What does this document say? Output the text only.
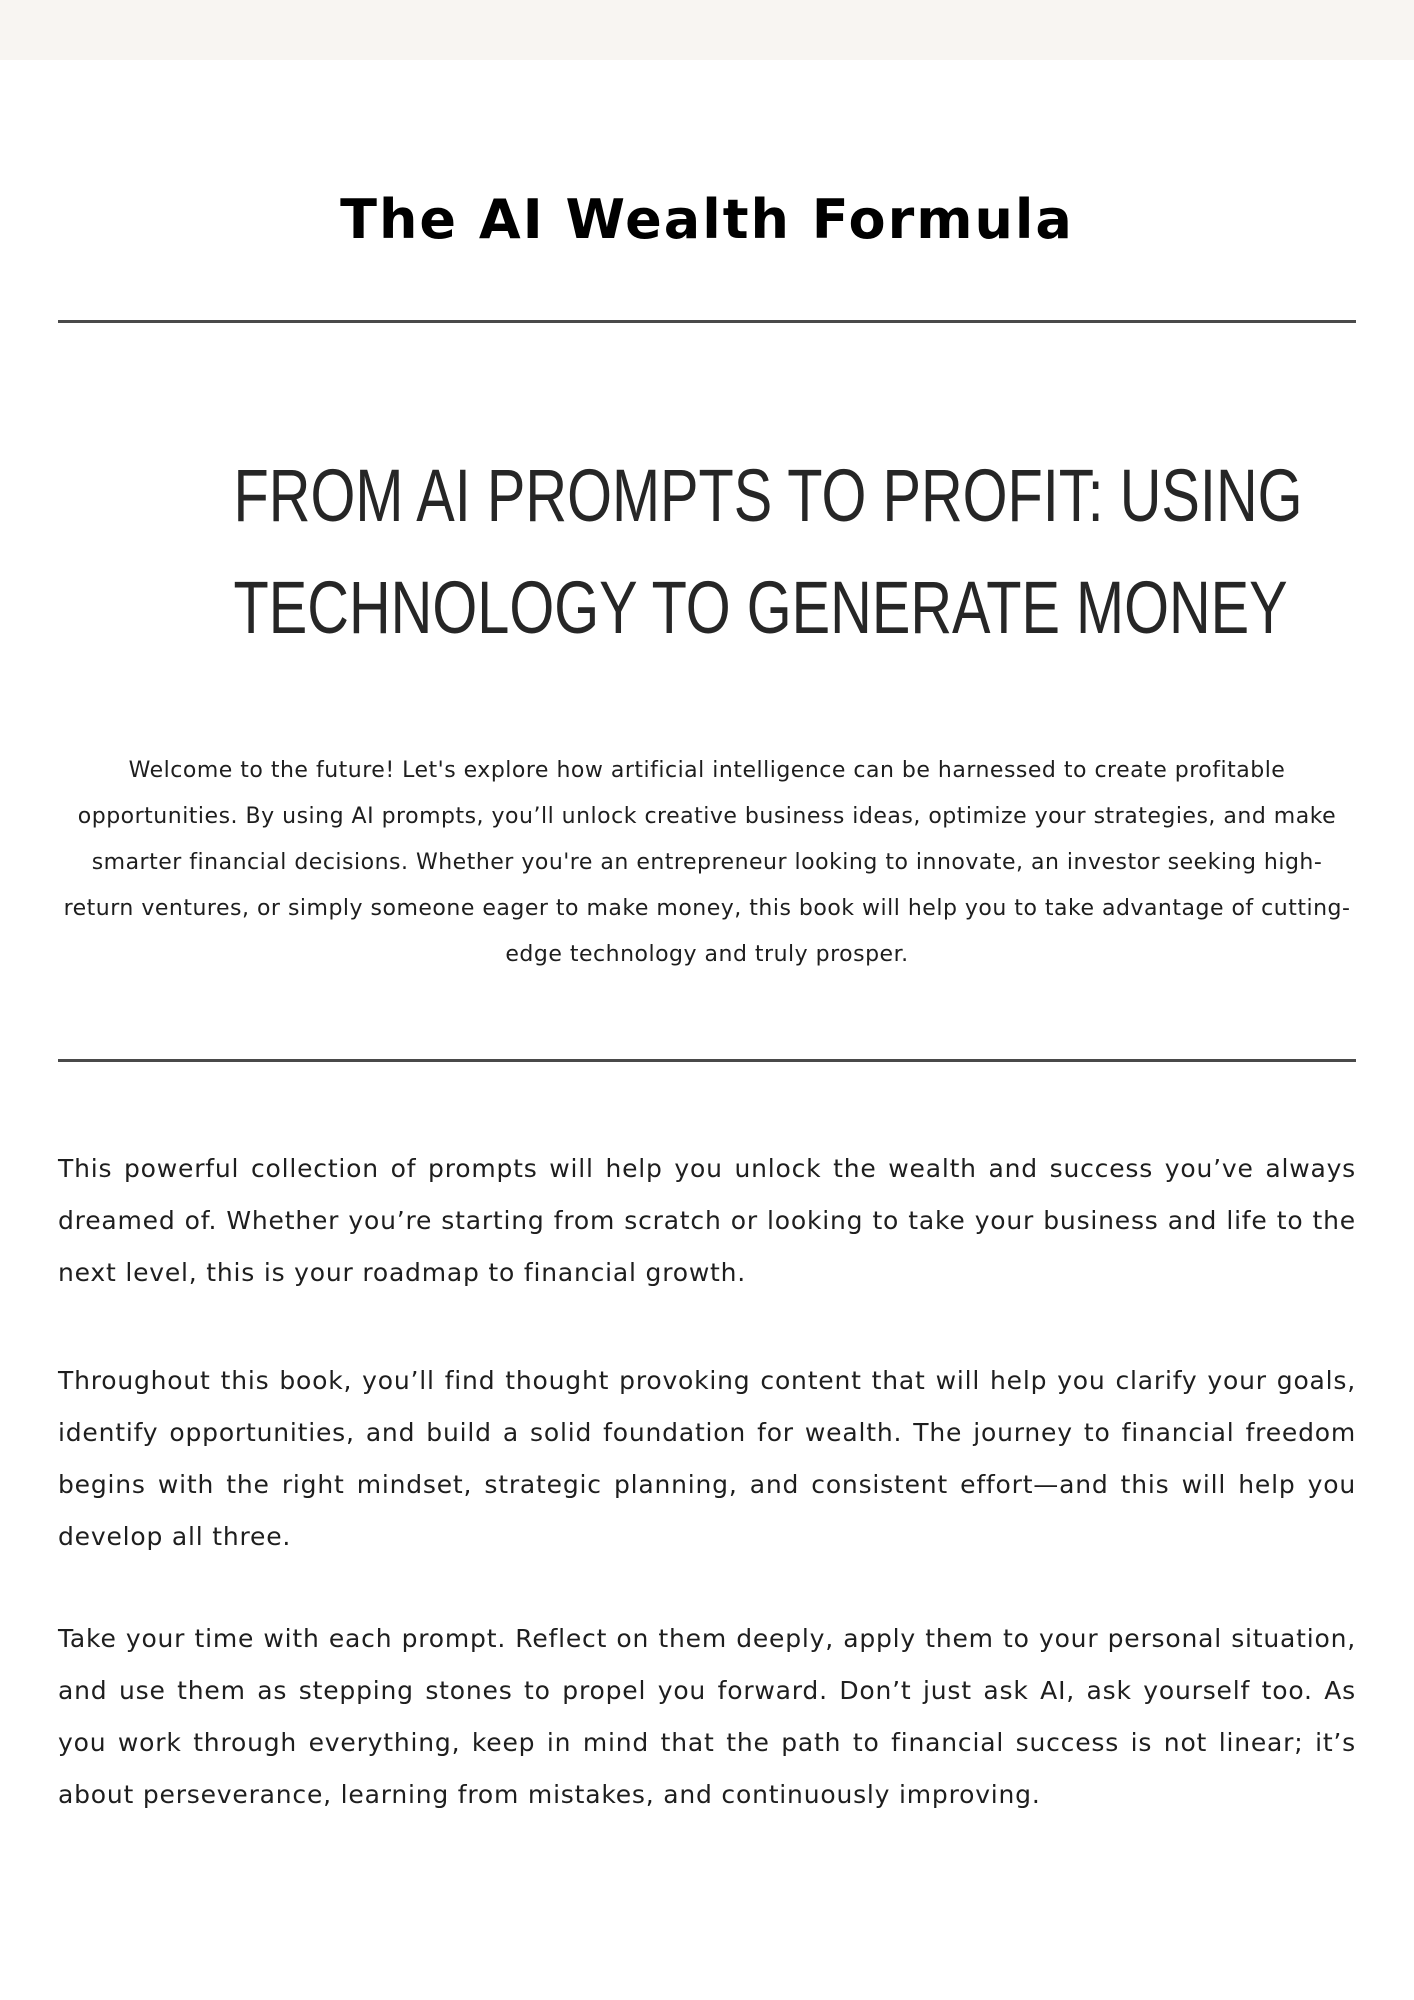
The AI Wealth Formula
FROM AI PROMPTS TO PROFIT: USING
TECHNOLOGY TO GENERATE MONEY

Welcome to the future! Let's explore how artificial intelligence can be harnessed to create profitable opportunities. By using AI prompts, you’ll unlock creative business ideas, optimize your strategies, and make smarter financial decisions. Whether you're an entrepreneur looking to innovate, an investor seeking high-return ventures, or simply someone eager to make money, this book will help you to take advantage of cutting-edge technology and truly prosper.

This powerful collection of prompts will help you unlock the wealth and success you’ve always dreamed of. Whether you’re starting from scratch or looking to take your business and life to the next level, this is your roadmap to financial growth.

Throughout this book, you’ll find thought provoking content that will help you clarify your goals, identify opportunities, and build a solid foundation for wealth. The journey to financial freedom begins with the right mindset, strategic planning, and consistent effort—and this will help you develop all three.

Take your time with each prompt. Reflect on them deeply, apply them to your personal situation, and use them as stepping stones to propel you forward. Don’t just ask AI, ask yourself too. As you work through everything, keep in mind that the path to financial success is not linear; it’s about perseverance, learning from mistakes, and continuously improving.
